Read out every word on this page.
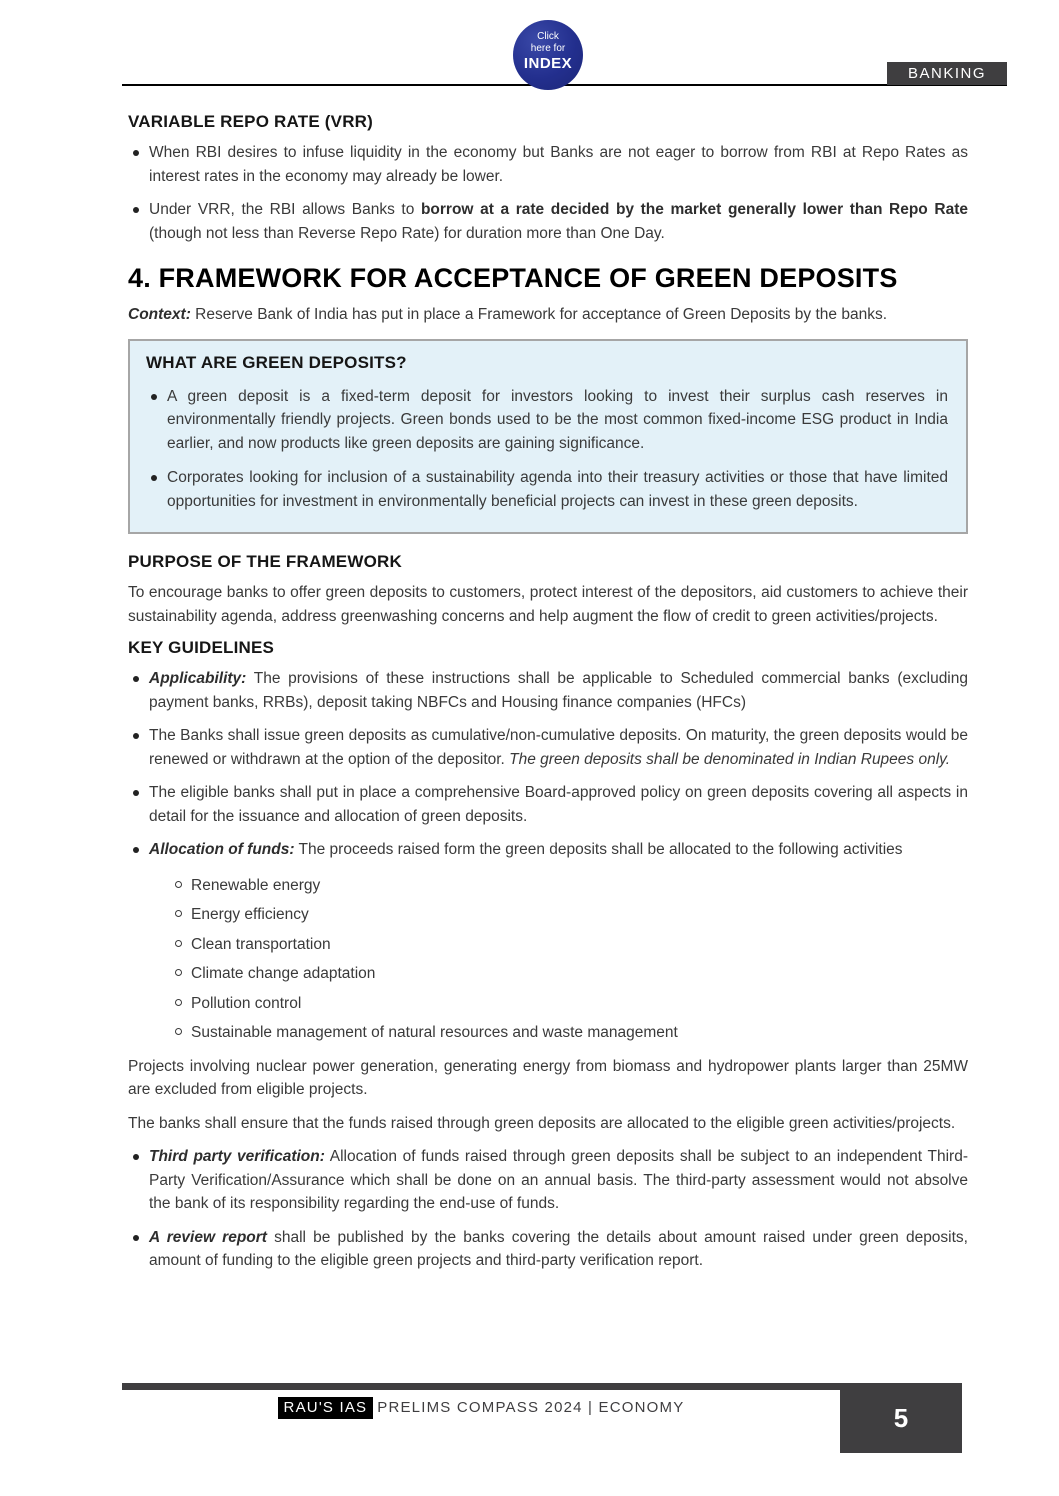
Click
here for
INDEX
BANKING
VARIABLE REPO RATE (VRR)
When RBI desires to infuse liquidity in the economy but Banks are not eager to borrow from RBI at Repo Rates as interest rates in the economy may already be lower.
Under VRR, the RBI allows Banks to borrow at a rate decided by the market generally lower than Repo Rate (though not less than Reverse Repo Rate) for duration more than One Day.
4. FRAMEWORK FOR ACCEPTANCE OF GREEN DEPOSITS

Context: Reserve Bank of India has put in place a Framework for acceptance of Green Deposits by the banks.

WHAT ARE GREEN DEPOSITS?
A green deposit is a fixed-term deposit for investors looking to invest their surplus cash reserves in environmentally friendly projects. Green bonds used to be the most common fixed-income ESG product in India earlier, and now products like green deposits are gaining significance.
Corporates looking for inclusion of a sustainability agenda into their treasury activities or those that have limited opportunities for investment in environmentally beneficial projects can invest in these green deposits.
PURPOSE OF THE FRAMEWORK

To encourage banks to offer green deposits to customers, protect interest of the depositors, aid customers to achieve their sustainability agenda, address greenwashing concerns and help augment the flow of credit to green activities/projects.

KEY GUIDELINES
Applicability: The provisions of these instructions shall be applicable to Scheduled commercial banks (excluding payment banks, RRBs), deposit taking NBFCs and Housing finance companies (HFCs)
The Banks shall issue green deposits as cumulative/non-cumulative deposits. On maturity, the green deposits would be renewed or withdrawn at the option of the depositor. The green deposits shall be denominated in Indian Rupees only.
The eligible banks shall put in place a comprehensive Board-approved policy on green deposits covering all aspects in detail for the issuance and allocation of green deposits.
Allocation of funds: The proceeds raised form the green deposits shall be allocated to the following activities
Renewable energy
Energy efficiency
Clean transportation
Climate change adaptation
Pollution control
Sustainable management of natural resources and waste management

Projects involving nuclear power generation, generating energy from biomass and hydropower plants larger than 25MW are excluded from eligible projects.

The banks shall ensure that the funds raised through green deposits are allocated to the eligible green activities/projects.

Third party verification: Allocation of funds raised through green deposits shall be subject to an independent Third-Party Verification/Assurance which shall be done on an annual basis. The third-party assessment would not absolve the bank of its responsibility regarding the end-use of funds.
A review report shall be published by the banks covering the details about amount raised under green deposits, amount of funding to the eligible green projects and third-party verification report.
RAU'S IAS PRELIMS COMPASS 2024 | ECONOMY	5
